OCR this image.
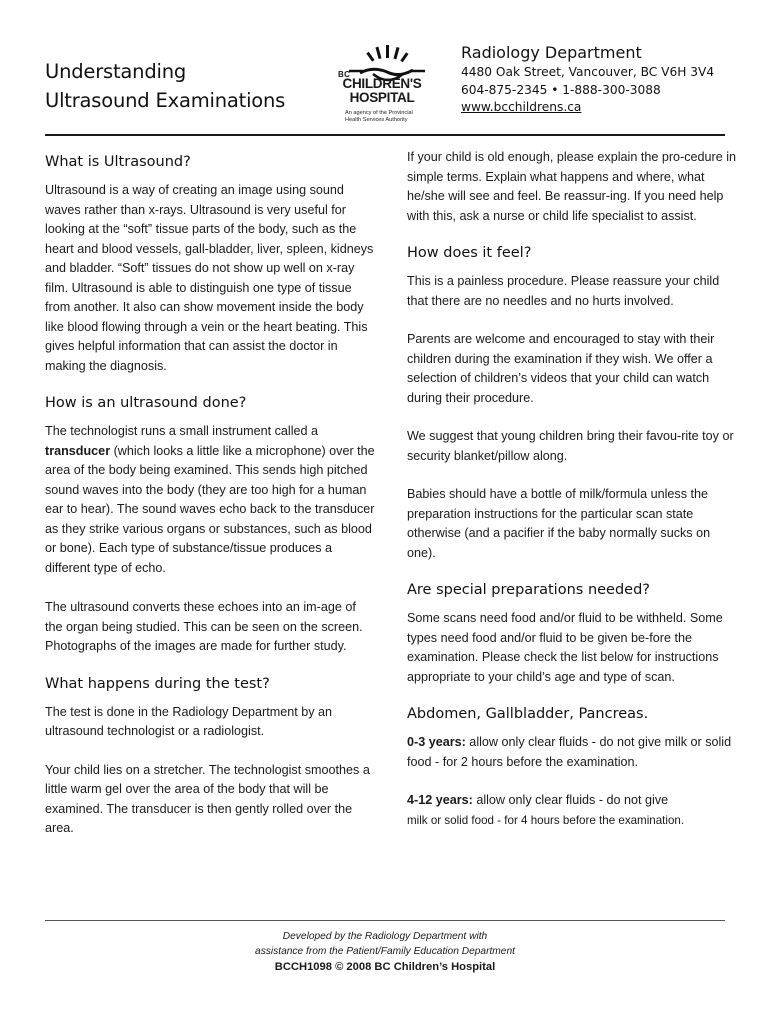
Understanding
Ultrasound Examinations
BC
CHILDREN'S
HOSPITAL
An agency of the Provincial
Health Services Authority
Radiology Department
4480 Oak Street, Vancouver, BC V6H 3V4
604-875-2345 • 1-888-300-3088
www.bcchildrens.ca
What is Ultrasound?

Ultrasound is a way of creating an image using sound waves rather than x-rays. Ultrasound is very useful for looking at the “soft” tissue parts of the body, such as the heart and blood vessels, gall-bladder, liver, spleen, kidneys and bladder. “Soft” tissues do not show up well on x-ray film. Ultrasound is able to distinguish one type of tissue from another. It also can show movement inside the body like blood flowing through a vein or the heart beating. This gives helpful information that can assist the doctor in making the diagnosis.

How is an ultrasound done?

The technologist runs a small instrument called a transducer (which looks a little like a microphone) over the area of the body being examined. This sends high pitched sound waves into the body (they are too high for a human ear to hear). The sound waves echo back to the transducer as they strike various organs or substances, such as blood or bone). Each type of substance/tissue produces a different type of echo.

The ultrasound converts these echoes into an im-age of the organ being studied. This can be seen on the screen. Photographs of the images are made for further study.

What happens during the test?

The test is done in the Radiology Department by an ultrasound technologist or a radiologist.

Your child lies on a stretcher. The technologist smoothes a little warm gel over the area of the body that will be examined. The transducer is then gently rolled over the area.

If your child is old enough, please explain the pro-cedure in simple terms. Explain what happens and where, what he/she will see and feel. Be reassur-ing. If you need help with this, ask a nurse or child life specialist to assist.

How does it feel?

This is a painless procedure. Please reassure your child that there are no needles and no hurts involved.

Parents are welcome and encouraged to stay with their children during the examination if they wish. We offer a selection of children’s videos that your child can watch during their procedure.

We suggest that young children bring their favou-rite toy or security blanket/pillow along.

Babies should have a bottle of milk/formula unless the preparation instructions for the particular scan state otherwise (and a pacifier if the baby normally sucks on one).

Are special preparations needed?

Some scans need food and/or fluid to be withheld. Some types need food and/or fluid to be given be-fore the examination. Please check the list below for instructions appropriate to your child’s age and type of scan.

Abdomen, Gallbladder, Pancreas.

0-3 years: allow only clear fluids - do not give milk or solid food - for 2 hours before the examination.

4-12 years: allow only clear fluids - do not give
milk or solid food - for 4 hours before the examination.

Developed by the Radiology Department with
assistance from the Patient/Family Education Department
BCCH1098 © 2008 BC Children’s Hospital
